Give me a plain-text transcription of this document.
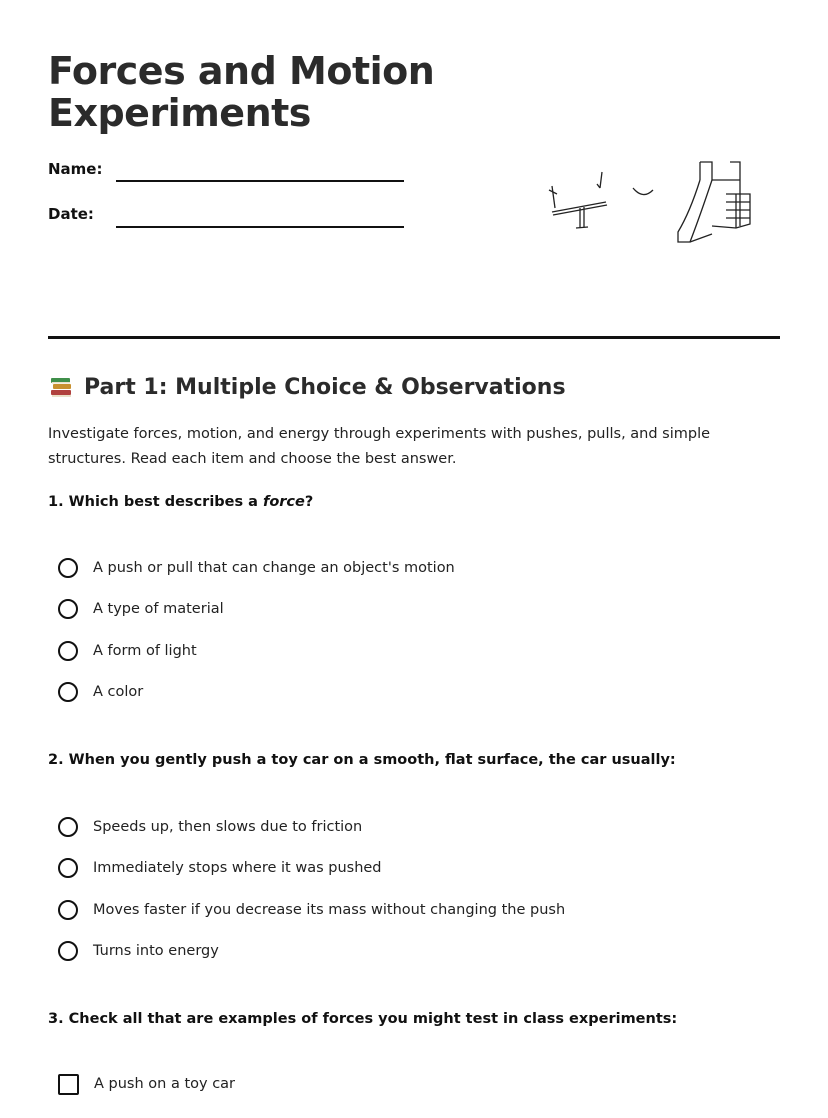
Forces and Motion
Experiments
Name:
Date:
Part 1: Multiple Choice & Observations

Investigate forces, motion, and energy through experiments with pushes, pulls, and simple structures. Read each item and choose the best answer.

1. Which best describes a force?

A push or pull that can change an object's motion
A type of material
A form of light
A color

2. When you gently push a toy car on a smooth, flat surface, the car usually:

Speeds up, then slows due to friction
Immediately stops where it was pushed
Moves faster if you decrease its mass without changing the push
Turns into energy

3. Check all that are examples of forces you might test in class experiments:

A push on a toy car
